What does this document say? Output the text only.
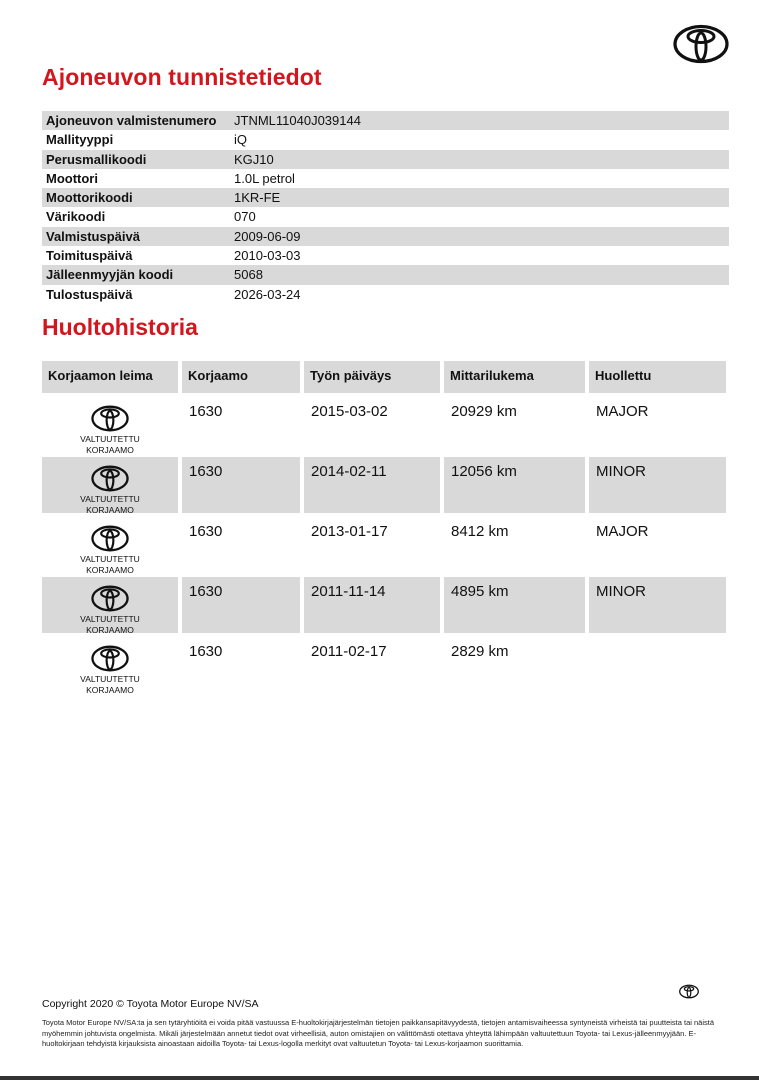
Ajoneuvon tunnistetiedot
Ajoneuvon valmistenumero	JTNML11040J039144
Mallityyppi	iQ
Perusmallikoodi	KGJ10
Moottori	1.0L petrol
Moottorikoodi	1KR-FE
Värikoodi	070
Valmistuspäivä	2009-06-09
Toimituspäivä	2010-03-03
Jälleenmyyjän koodi	5068
Tulostuspäivä	2026-03-24
Huoltohistoria
Korjaamon leima	Korjaamo	Työn päiväys	Mittarilukema	Huollettu
VALTUUTETTU
KORJAAMO
1630	2015-03-02	20929 km	MAJOR
VALTUUTETTU
KORJAAMO
1630	2014-02-11	12056 km	MINOR
VALTUUTETTU
KORJAAMO
1630	2013-01-17	8412 km	MAJOR
VALTUUTETTU
KORJAAMO
1630	2011-11-14	4895 km	MINOR
VALTUUTETTU
KORJAAMO
1630	2011-02-17	2829 km

Copyright 2020 © Toyota Motor Europe NV/SA

Toyota Motor Europe NV/SA:ta ja sen tytäryhtiöitä ei voida pitää vastuussa E-huoltokirjajärjestelmän tietojen paikkansapitävyydestä, tietojen antamisvaiheessa syntyneistä virheistä tai puutteista tai näistä myöhemmin johtuvista ongelmista. Mikäli järjestelmään annetut tiedot ovat virheellisiä, auton omistajien on välittömästi otettava yhteyttä lähimpään valtuutettuun Toyota- tai Lexus-jälleenmyyjään. E-huoltokirjaan tehdyistä kirjauksista ainoastaan aidoilla Toyota- tai Lexus-logolla merkityt ovat valtuutetun Toyota- tai Lexus-korjaamon suorittamia.
